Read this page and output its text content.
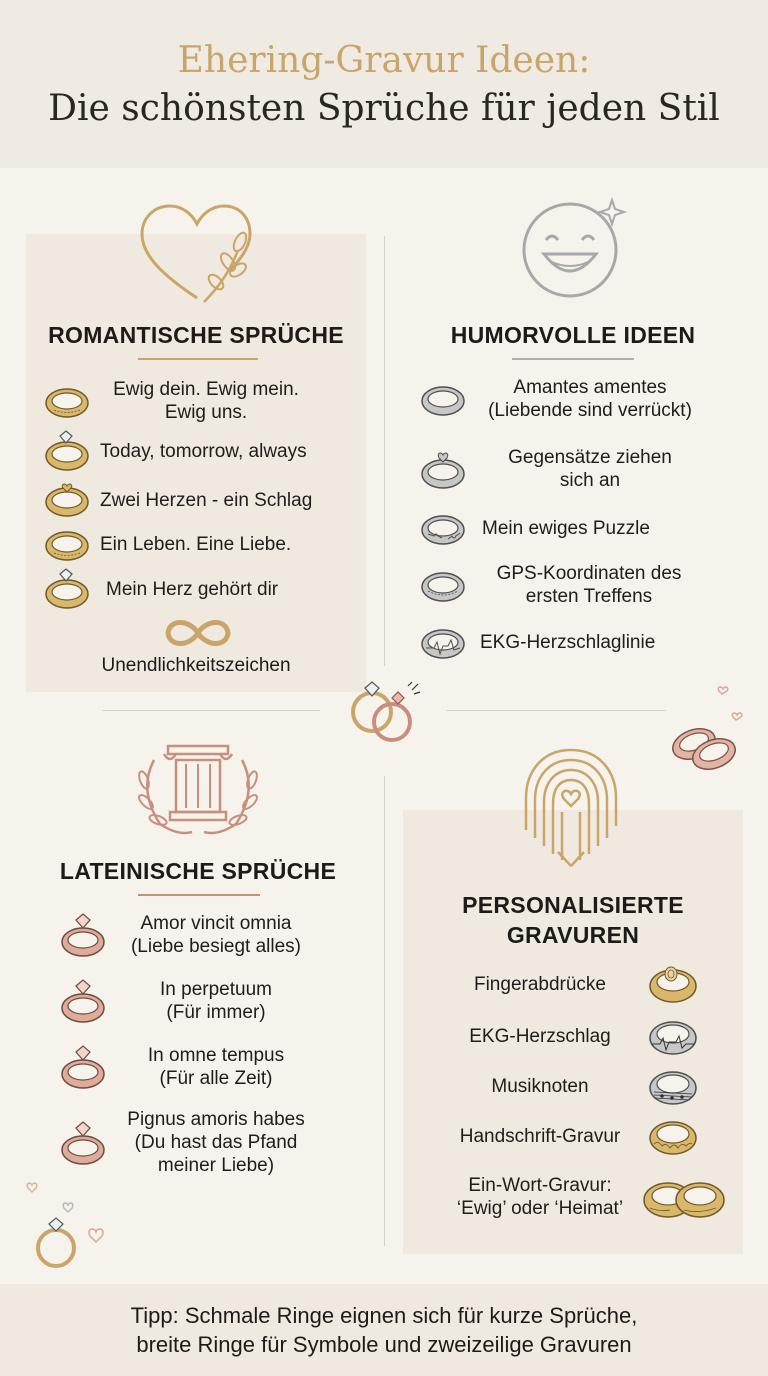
Ehering-Gravur Ideen:
Die schönsten Sprüche für jeden Stil
ROMANTISCHE SPRÜCHE
Ewig dein. Ewig mein. Ewig uns.
Today, tomorrow, always
Zwei Herzen - ein Schlag
Ein Leben. Eine Liebe.
Mein Herz gehört dir
Unendlichkeitszeichen
HUMORVOLLE IDEEN
Amantes amentes
(Liebende sind verrückt)
Gegensätze ziehen
sich an
Mein ewiges Puzzle
GPS-Koordinaten des
ersten Treffens
EKG-Herzschlaglinie
LATEINISCHE SPRÜCHE
Amor vincit omnia
(Liebe besiegt alles)
In perpetuum
(Für immer)
In omne tempus
(Für alle Zeit)
Pignus amoris habes
(Du hast das Pfand
meiner Liebe)
PERSONALISIERTE
GRAVUREN
Fingerabdrücke
EKG-Herzschlag
Musiknoten
Handschrift-Gravur
Ein-Wort-Gravur:
‘Ewig’ oder ‘Heimat’
Tipp: Schmale Ringe eignen sich für kurze Sprüche,
breite Ringe für Symbole und zweizeilige Gravuren
